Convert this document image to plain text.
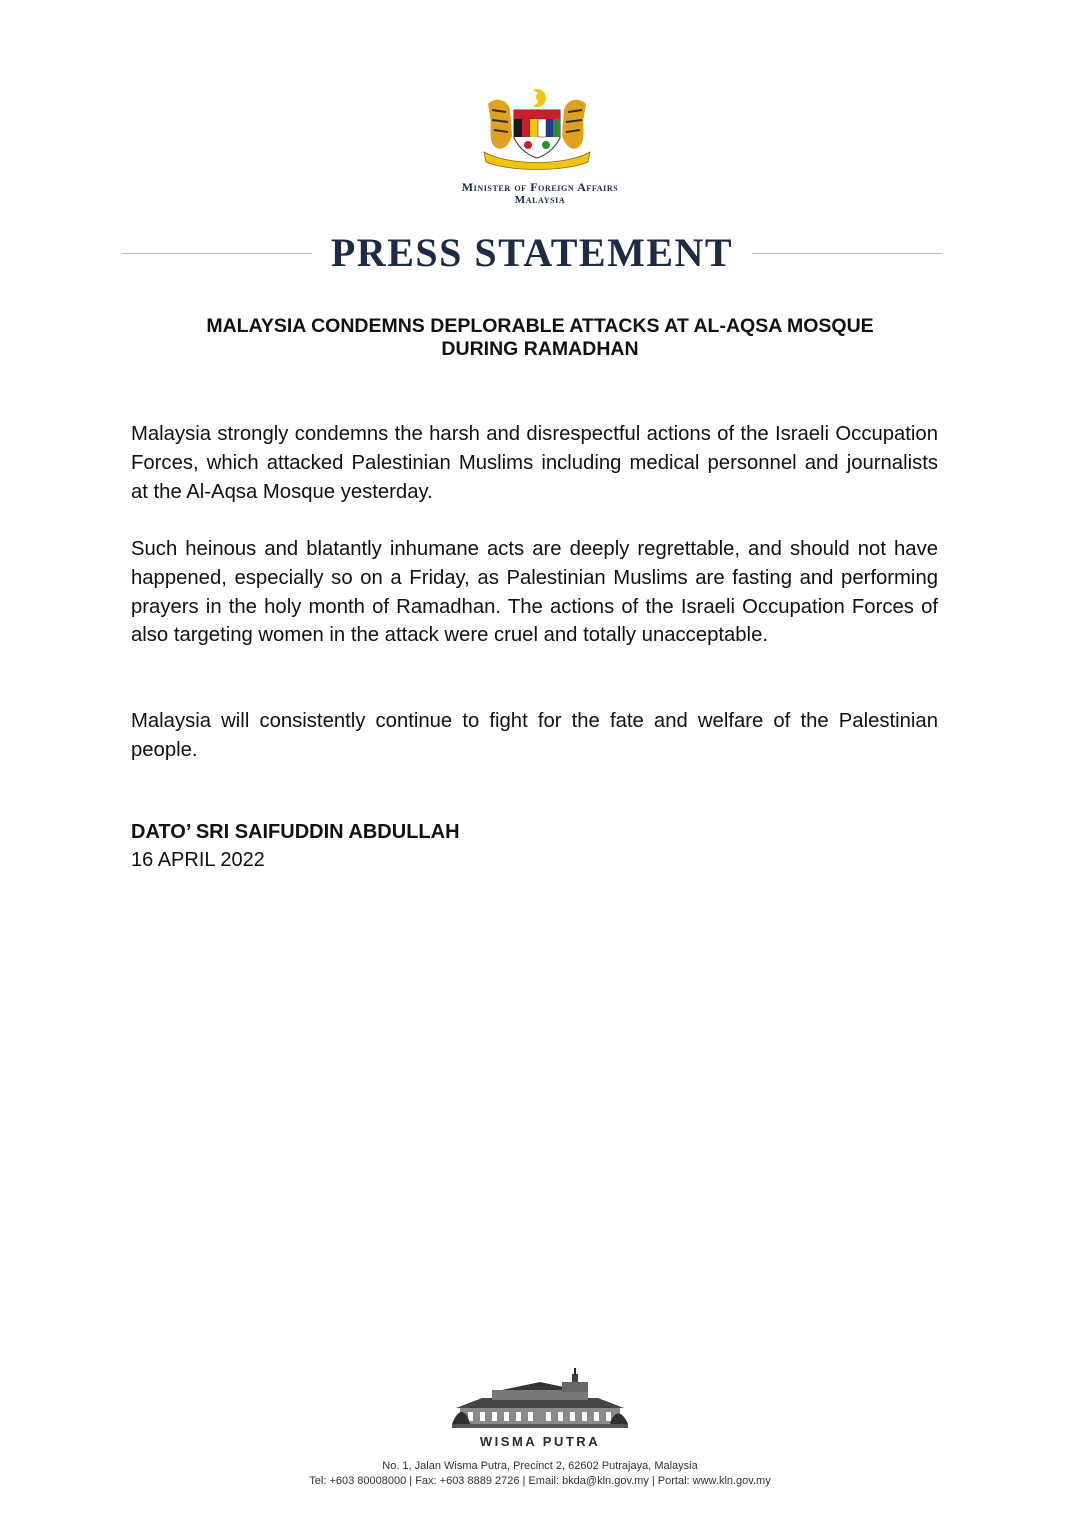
Minister of Foreign Affairs
Malaysia
PRESS STATEMENT
MALAYSIA CONDEMNS DEPLORABLE ATTACKS AT AL-AQSA MOSQUE
DURING RAMADHAN

Malaysia strongly condemns the harsh and disrespectful actions of the Israeli Occupation Forces, which attacked Palestinian Muslims including medical personnel and journalists at the Al-Aqsa Mosque yesterday.

Such heinous and blatantly inhumane acts are deeply regrettable, and should not have happened, especially so on a Friday, as Palestinian Muslims are fasting and performing prayers in the holy month of Ramadhan. The actions of the Israeli Occupation Forces of also targeting women in the attack were cruel and totally unacceptable.

Malaysia will consistently continue to fight for the fate and welfare of the Palestinian people.

DATO’ SRI SAIFUDDIN ABDULLAH
16 APRIL 2022
WISMA PUTRA
No. 1, Jalan Wisma Putra, Precinct 2, 62602 Putrajaya, Malaysia
Tel: +603 80008000 | Fax: +603 8889 2726 | Email: bkda@kln.gov.my | Portal: www.kln.gov.my
